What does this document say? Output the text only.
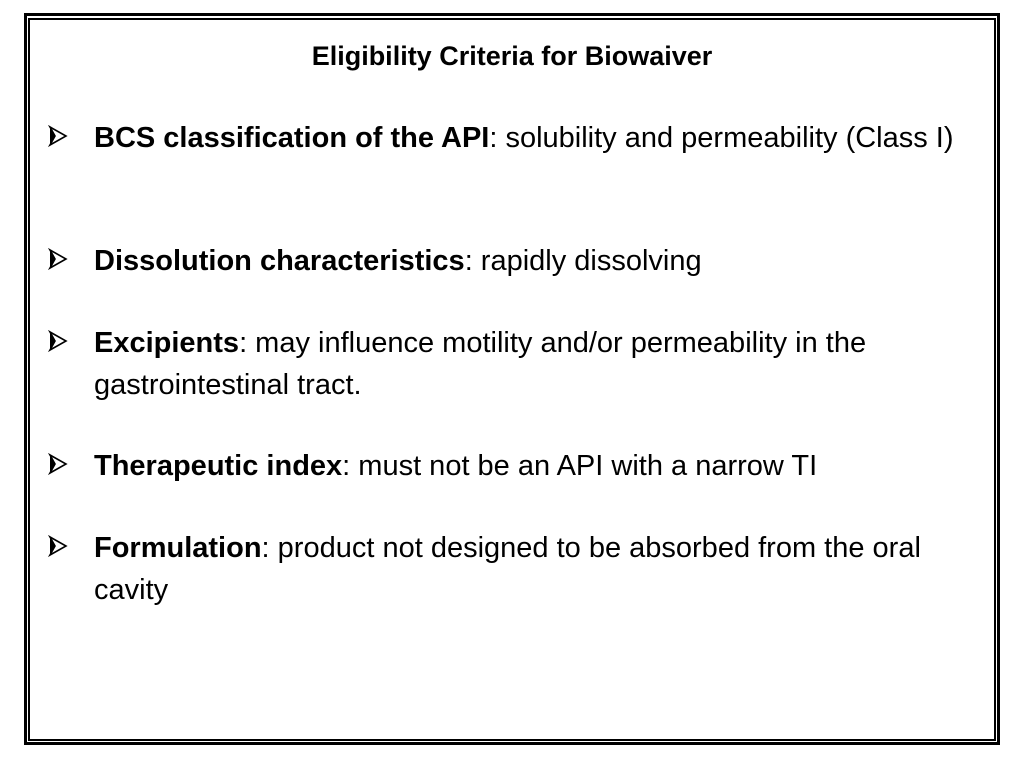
Eligibility Criteria for Biowaiver
BCS classification of the API: solubility and permeability (Class I)
Dissolution characteristics: rapidly dissolving
Excipients: may influence motility and/or permeability in the gastrointestinal tract.
Therapeutic index: must not be an API with a narrow TI
Formulation: product not designed to be absorbed from the oral cavity
